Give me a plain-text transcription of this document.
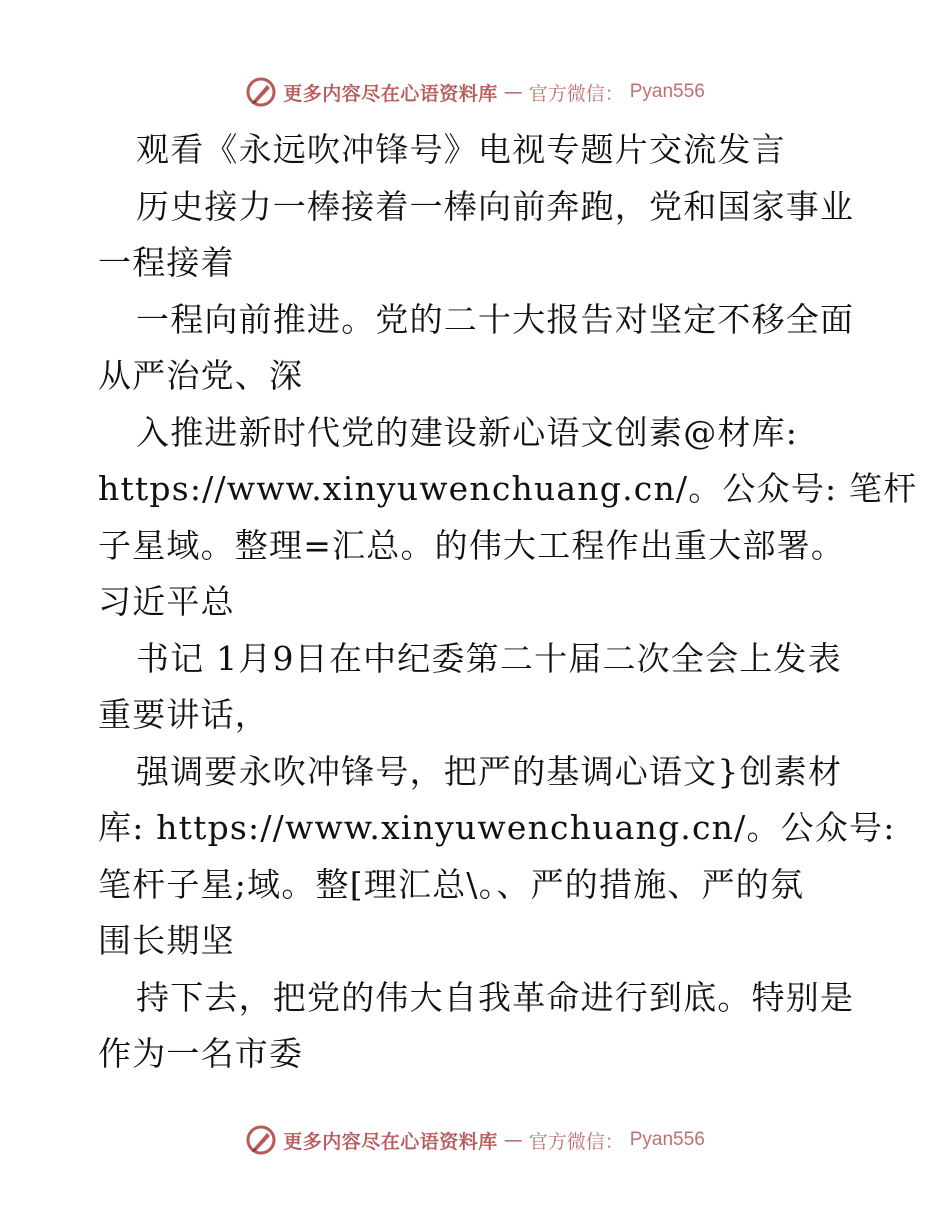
更多内容尽在心语资料库 — 官方微信： Pyan556
观看《永远吹冲锋号》电视专题片交流发言
历史接力一棒接着一棒向前奔跑，党和国家事业
一程接着
一程向前推进。党的二十大报告对坚定不移全面
从严治党、深
入推进新时代党的建设新心语文创素@材库:
https://www.xinyuwenchuang.cn/。公众号: 笔杆
子星域。整理=汇总。的伟大工程作出重大部署。
习近平总
书记 1月9日在中纪委第二十届二次全会上发表
重要讲话，
强调要永吹冲锋号，把严的基调心语文}创素材
库: https://www.xinyuwenchuang.cn/。公众号:
笔杆子星;域。整[理汇总\。、严的措施、严的氛
围长期坚
持下去，把党的伟大自我革命进行到底。特别是
作为一名市委
更多内容尽在心语资料库 — 官方微信： Pyan556
